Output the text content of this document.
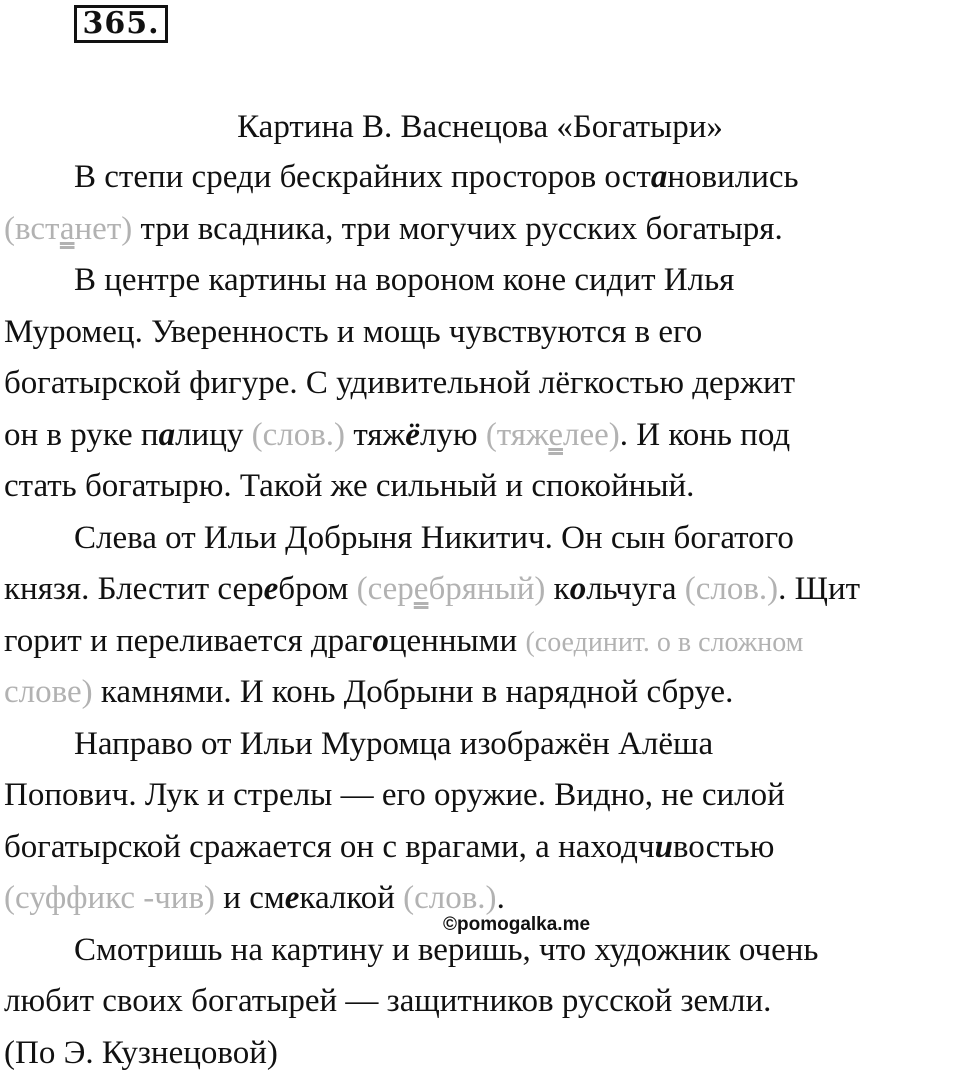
365.
Картина В. Васнецова «Богатыри»
В степи среди бескрайних просторов остановились
(встанет) три всадника, три могучих русских богатыря.
В центре картины на вороном коне сидит Илья
Муромец. Уверенность и мощь чувствуются в его
богатырской фигуре. С удивительной лёгкостью держит
он в руке палицу (слов.) тяжёлую (тяжелее). И конь под
стать богатырю. Такой же сильный и спокойный.
Слева от Ильи Добрыня Никитич. Он сын богатого
князя. Блестит серебром (серебряный) кольчуга (слов.). Щит
горит и переливается драгоценными (соединит. о в сложном
слове) камнями. И конь Добрыни в нарядной сбруе.
Направо от Ильи Муромца изображён Алёша
Попович. Лук и стрелы — его оружие. Видно, не силой
богатырской сражается он с врагами, а находчивостью
(суффикс -чив) и смекалкой (слов.).
Смотришь на картину и веришь, что художник очень
любит своих богатырей — защитников русской земли.
(По Э. Кузнецовой)
©pomogalka.me
